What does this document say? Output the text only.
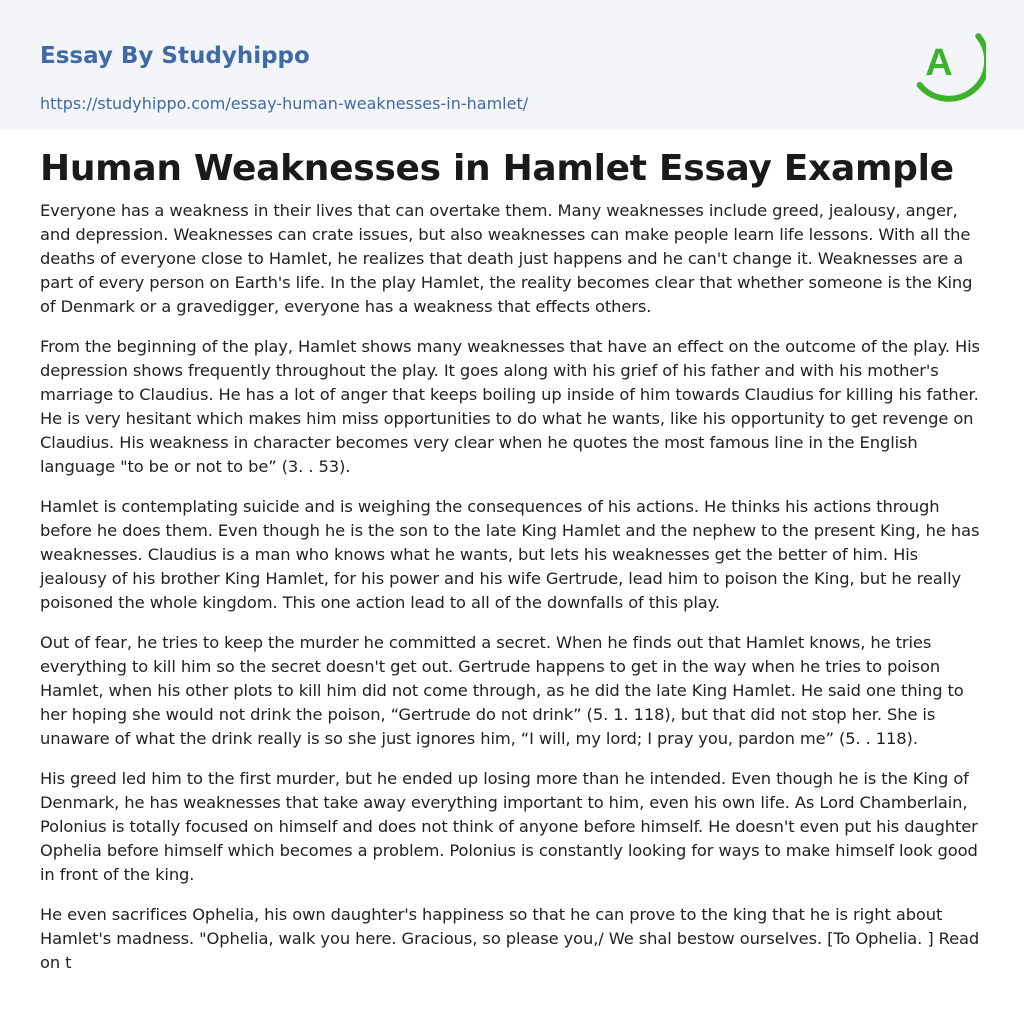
Essay By Studyhippo
https://studyhippo.com/essay-human-weaknesses-in-hamlet/
A
Human Weaknesses in Hamlet Essay Example

Everyone has a weakness in their lives that can overtake them. Many weaknesses include greed, jealousy, anger, and depression. Weaknesses can crate issues, but also weaknesses can make people learn life lessons. With all the deaths of everyone close to Hamlet, he realizes that death just happens and he can't change it. Weaknesses are a part of every person on Earth's life. In the play Hamlet, the reality becomes clear that whether someone is the King of Denmark or a gravedigger, everyone has a weakness that effects others.

From the beginning of the play, Hamlet shows many weaknesses that have an effect on the outcome of the play. His depression shows frequently throughout the play. It goes along with his grief of his father and with his mother's marriage to Claudius. He has a lot of anger that keeps boiling up inside of him towards Claudius for killing his father. He is very hesitant which makes him miss opportunities to do what he wants, like his opportunity to get revenge on Claudius. His weakness in character becomes very clear when he quotes the most famous line in the English language "to be or not to be” (3. . 53).

Hamlet is contemplating suicide and is weighing the consequences of his actions. He thinks his actions through before he does them. Even though he is the son to the late King Hamlet and the nephew to the present King, he has weaknesses. Claudius is a man who knows what he wants, but lets his weaknesses get the better of him. His jealousy of his brother King Hamlet, for his power and his wife Gertrude, lead him to poison the King, but he really poisoned the whole kingdom. This one action lead to all of the downfalls of this play.

Out of fear, he tries to keep the murder he committed a secret. When he finds out that Hamlet knows, he tries everything to kill him so the secret doesn't get out. Gertrude happens to get in the way when he tries to poison Hamlet, when his other plots to kill him did not come through, as he did the late King Hamlet. He said one thing to her hoping she would not drink the poison, “Gertrude do not drink” (5. 1. 118), but that did not stop her. She is unaware of what the drink really is so she just ignores him, “I will, my lord; I pray you, pardon me” (5. . 118).

His greed led him to the first murder, but he ended up losing more than he intended. Even though he is the King of Denmark, he has weaknesses that take away everything important to him, even his own life. As Lord Chamberlain, Polonius is totally focused on himself and does not think of anyone before himself. He doesn't even put his daughter Ophelia before himself which becomes a problem. Polonius is constantly looking for ways to make himself look good in front of the king.

He even sacrifices Ophelia, his own daughter's happiness so that he can prove to the king that he is right about Hamlet's madness. "Ophelia, walk you here. Gracious, so please you,/ We shal bestow ourselves. [To Ophelia. ] Read on t
